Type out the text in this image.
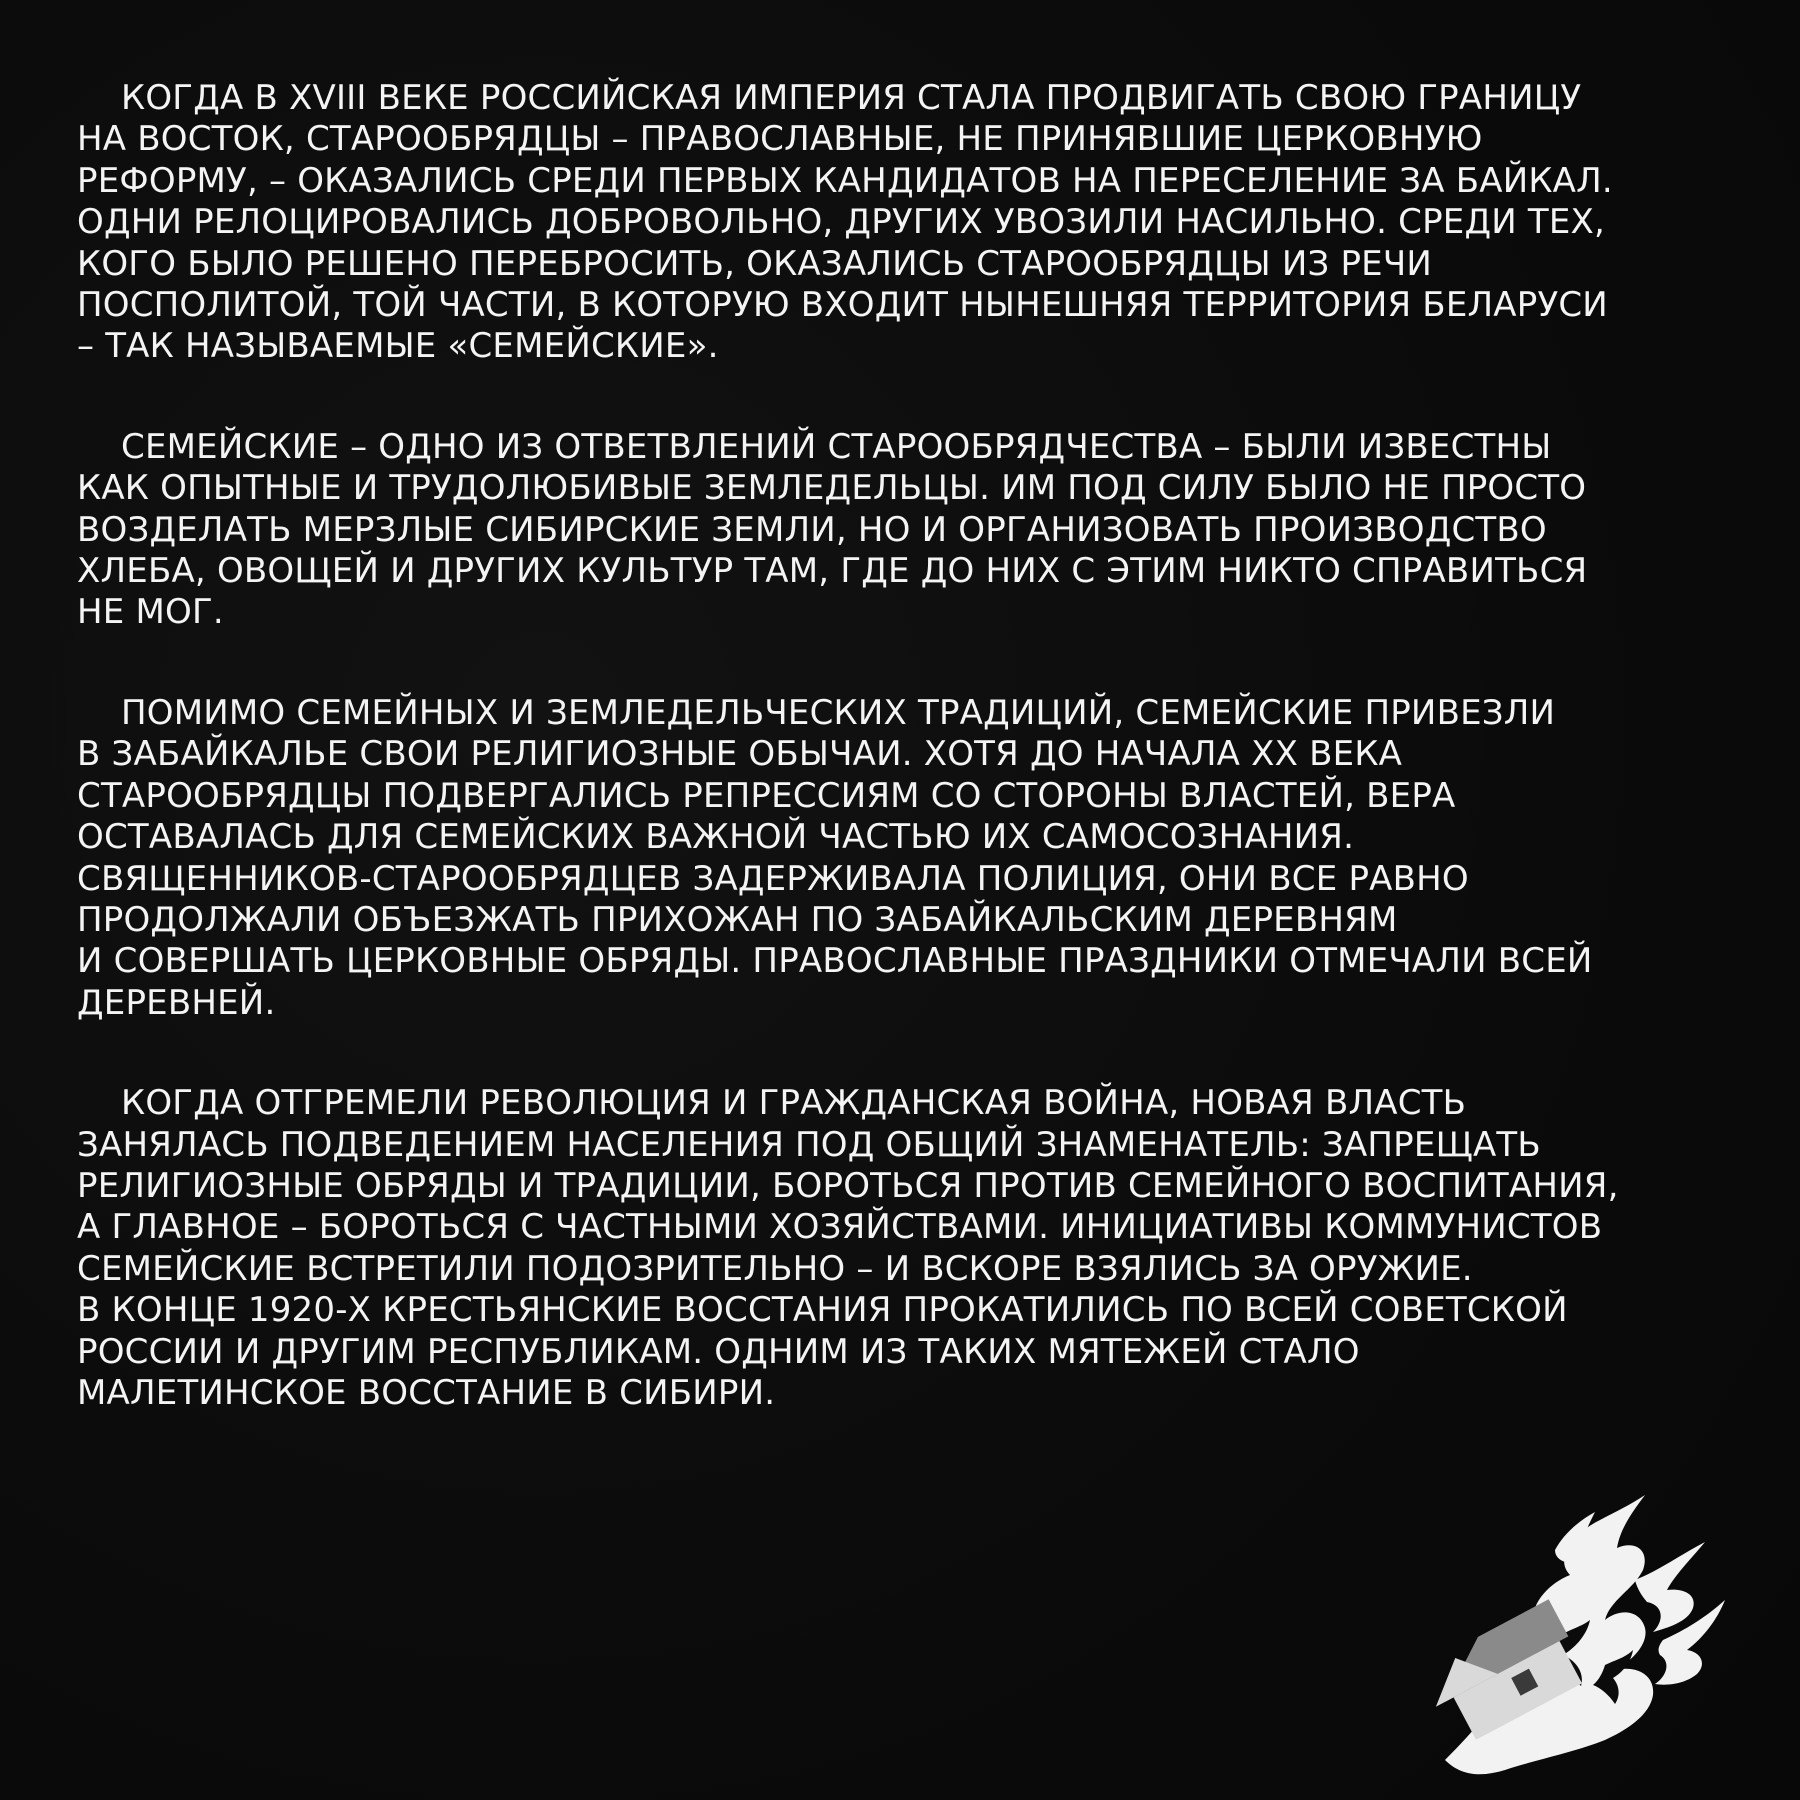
КОГДА В XVIII ВЕКЕ РОССИЙСКАЯ ИМПЕРИЯ СТАЛА ПРОДВИГАТЬ СВОЮ ГРАНИЦУ
НА ВОСТОК, СТАРООБРЯДЦЫ – ПРАВОСЛАВНЫЕ, НЕ ПРИНЯВШИЕ ЦЕРКОВНУЮ
РЕФОРМУ, – ОКАЗАЛИСЬ СРЕДИ ПЕРВЫХ КАНДИДАТОВ НА ПЕРЕСЕЛЕНИЕ ЗА БАЙКАЛ.
ОДНИ РЕЛОЦИРОВАЛИСЬ ДОБРОВОЛЬНО, ДРУГИХ УВОЗИЛИ НАСИЛЬНО. СРЕДИ ТЕХ,
КОГО БЫЛО РЕШЕНО ПЕРЕБРОСИТЬ, ОКАЗАЛИСЬ СТАРООБРЯДЦЫ ИЗ РЕЧИ
ПОСПОЛИТОЙ, ТОЙ ЧАСТИ, В КОТОРУЮ ВХОДИТ НЫНЕШНЯЯ ТЕРРИТОРИЯ БЕЛАРУСИ
– ТАК НАЗЫВАЕМЫЕ «СЕМЕЙСКИЕ».

СЕМЕЙСКИЕ – ОДНО ИЗ ОТВЕТВЛЕНИЙ СТАРООБРЯДЧЕСТВА – БЫЛИ ИЗВЕСТНЫ
КАК ОПЫТНЫЕ И ТРУДОЛЮБИВЫЕ ЗЕМЛЕДЕЛЬЦЫ. ИМ ПОД СИЛУ БЫЛО НЕ ПРОСТО
ВОЗДЕЛАТЬ МЕРЗЛЫЕ СИБИРСКИЕ ЗЕМЛИ, НО И ОРГАНИЗОВАТЬ ПРОИЗВОДСТВО
ХЛЕБА, ОВОЩЕЙ И ДРУГИХ КУЛЬТУР ТАМ, ГДЕ ДО НИХ С ЭТИМ НИКТО СПРАВИТЬСЯ
НЕ МОГ.

ПОМИМО СЕМЕЙНЫХ И ЗЕМЛЕДЕЛЬЧЕСКИХ ТРАДИЦИЙ, СЕМЕЙСКИЕ ПРИВЕЗЛИ
В ЗАБАЙКАЛЬЕ СВОИ РЕЛИГИОЗНЫЕ ОБЫЧАИ. ХОТЯ ДО НАЧАЛА ХХ ВЕКА
СТАРООБРЯДЦЫ ПОДВЕРГАЛИСЬ РЕПРЕССИЯМ СО СТОРОНЫ ВЛАСТЕЙ, ВЕРА
ОСТАВАЛАСЬ ДЛЯ СЕМЕЙСКИХ ВАЖНОЙ ЧАСТЬЮ ИХ САМОСОЗНАНИЯ.
СВЯЩЕННИКОВ-СТАРООБРЯДЦЕВ ЗАДЕРЖИВАЛА ПОЛИЦИЯ, ОНИ ВСЕ РАВНО
ПРОДОЛЖАЛИ ОБЪЕЗЖАТЬ ПРИХОЖАН ПО ЗАБАЙКАЛЬСКИМ ДЕРЕВНЯМ
И СОВЕРШАТЬ ЦЕРКОВНЫЕ ОБРЯДЫ. ПРАВОСЛАВНЫЕ ПРАЗДНИКИ ОТМЕЧАЛИ ВСЕЙ
ДЕРЕВНЕЙ.

КОГДА ОТГРЕМЕЛИ РЕВОЛЮЦИЯ И ГРАЖДАНСКАЯ ВОЙНА, НОВАЯ ВЛАСТЬ
ЗАНЯЛАСЬ ПОДВЕДЕНИЕМ НАСЕЛЕНИЯ ПОД ОБЩИЙ ЗНАМЕНАТЕЛЬ: ЗАПРЕЩАТЬ
РЕЛИГИОЗНЫЕ ОБРЯДЫ И ТРАДИЦИИ, БОРОТЬСЯ ПРОТИВ СЕМЕЙНОГО ВОСПИТАНИЯ,
А ГЛАВНОЕ – БОРОТЬСЯ С ЧАСТНЫМИ ХОЗЯЙСТВАМИ. ИНИЦИАТИВЫ КОММУНИСТОВ
СЕМЕЙСКИЕ ВСТРЕТИЛИ ПОДОЗРИТЕЛЬНО – И ВСКОРЕ ВЗЯЛИСЬ ЗА ОРУЖИЕ.
В КОНЦЕ 1920-Х КРЕСТЬЯНСКИЕ ВОССТАНИЯ ПРОКАТИЛИСЬ ПО ВСЕЙ СОВЕТСКОЙ
РОССИИ И ДРУГИМ РЕСПУБЛИКАМ. ОДНИМ ИЗ ТАКИХ МЯТЕЖЕЙ СТАЛО
МАЛЕТИНСКОЕ ВОССТАНИЕ В СИБИРИ.
